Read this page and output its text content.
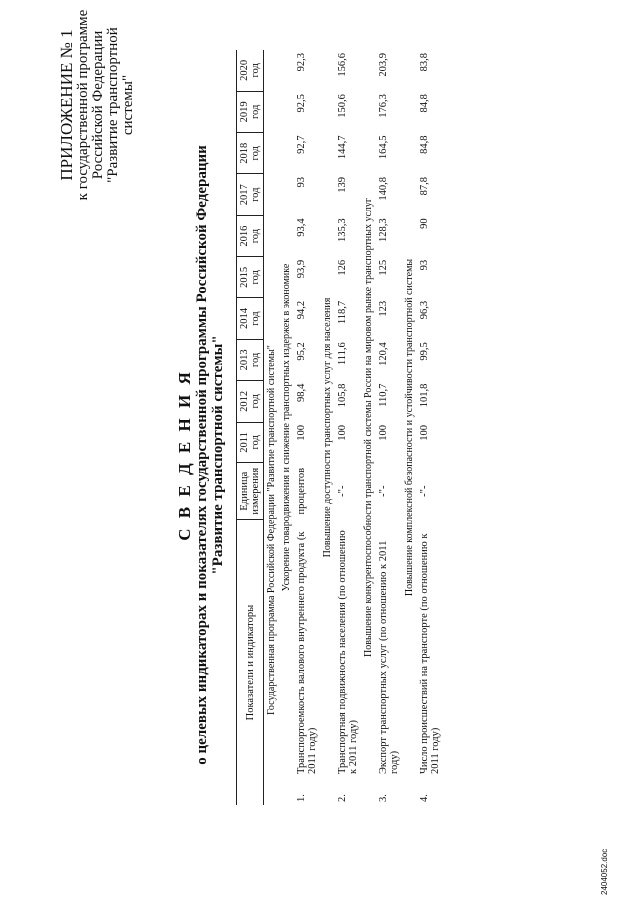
ПРИЛОЖЕНИЕ № 1 к государственной программе Российской Федерации "Развитие транспортной системы"
С В Е Д Е Н И Я о целевых индикаторах и показателях государственной программы Российской Федерации "Развитие транспортной системы"
Показатели и индикаторы		Единица измерения	2011 год	2012 год	2013 год	2014 год	2015 год	2016 год	2017 год	2018 год	2019 год	2020 год
Государственная программа Российской Федерации "Развитие транспортной системы"												
Ускорение товародвижения и снижение транспортных издержек в экономике												
1.	Транспортоемкость валового внутреннего продукта (к 2011 году)	процентов	100	98,4	95,2	94,2	93,9	93,4	93	92,7	92,5	92,3
Повышение доступности транспортных услуг для населения												
2.	Транспортная подвижность населения (по отношению к 2011 году)	-"-	100	105,8	111,6	118,7	126	135,3	139	144,7	150,6	156,6
Повышение конкурентоспособности транспортной системы России на мировом рынке транспортных услуг												
3.	Экспорт транспортных услуг (по отношению к 2011 году)	-"-	100	110,7	120,4	123	125	128,3	140,8	164,5	176,3	203,9
Повышение комплексной безопасности и устойчивости транспортной системы												
4.	Число происшествий на транспорте (по отношению к 2011 году)	-"-	100	101,8	99,5	96,3	93	90	87,8	84,8	84,8	83,8
2404052.doc
